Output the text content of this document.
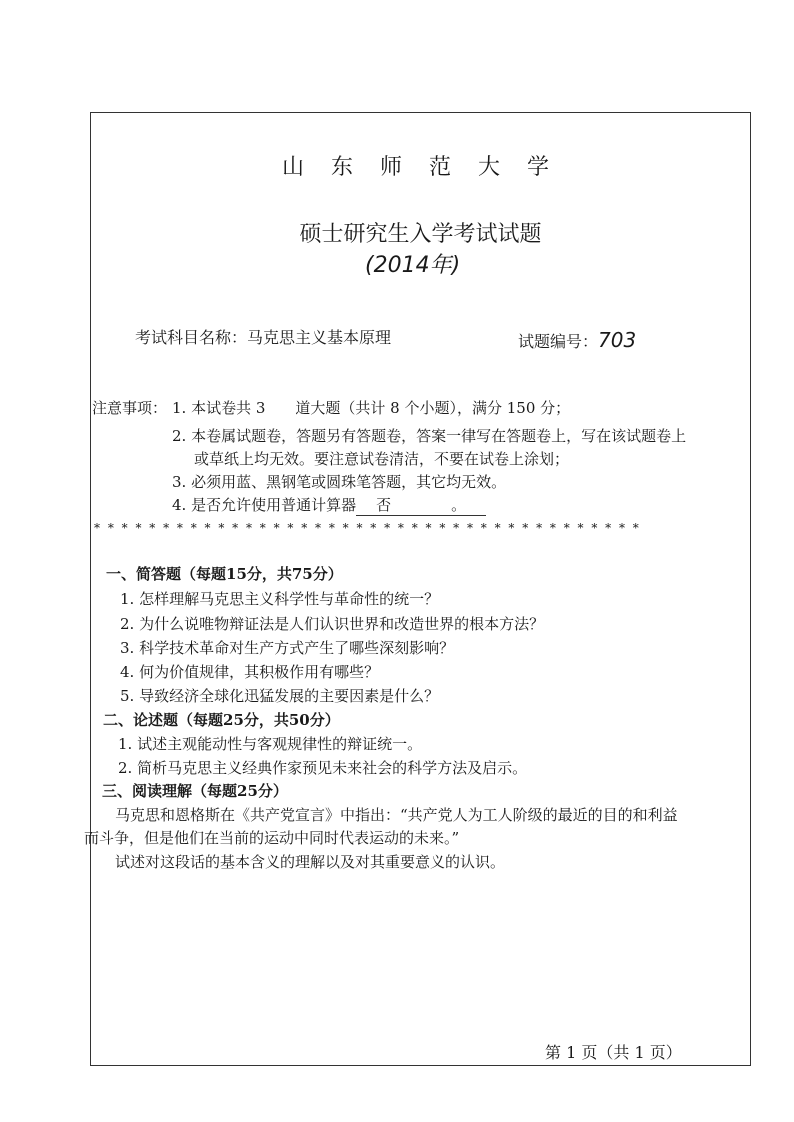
山 东 师 范 大 学
硕士研究生入学考试试题
(2014年)
考试科目名称：马克思主义基本原理	试题编号：703
注意事项： 1. 本试卷共 3 道大题（共计 8 个小题），满分 150 分；
2. 本卷属试题卷，答题另有答题卷，答案一律写在答题卷上，写在该试题卷上
或草纸上均无效。要注意试卷清洁，不要在试卷上涂划；
3. 必须用蓝、黑钢笔或圆珠笔答题，其它均无效。
4. 是否允许使用普通计算器 否	。
* * * * * * * * * * * * * * * * * * * * * * * * * * * * * * * * * * * * * * * *
一、简答题（每题15分，共75分）
1. 怎样理解马克思主义科学性与革命性的统一？
2. 为什么说唯物辩证法是人们认识世界和改造世界的根本方法？
3. 科学技术革命对生产方式产生了哪些深刻影响？
4. 何为价值规律，其积极作用有哪些？
5. 导致经济全球化迅猛发展的主要因素是什么？
二、论述题（每题25分，共50分）
1. 试述主观能动性与客观规律性的辩证统一。
2. 简析马克思主义经典作家预见未来社会的科学方法及启示。
三、阅读理解（每题25分）
马克思和恩格斯在《共产党宣言》中指出：“共产党人为工人阶级的最近的目的和利益
而斗争，但是他们在当前的运动中同时代表运动的未来。”
试述对这段话的基本含义的理解以及对其重要意义的认识。
第 1 页（共 1 页）
